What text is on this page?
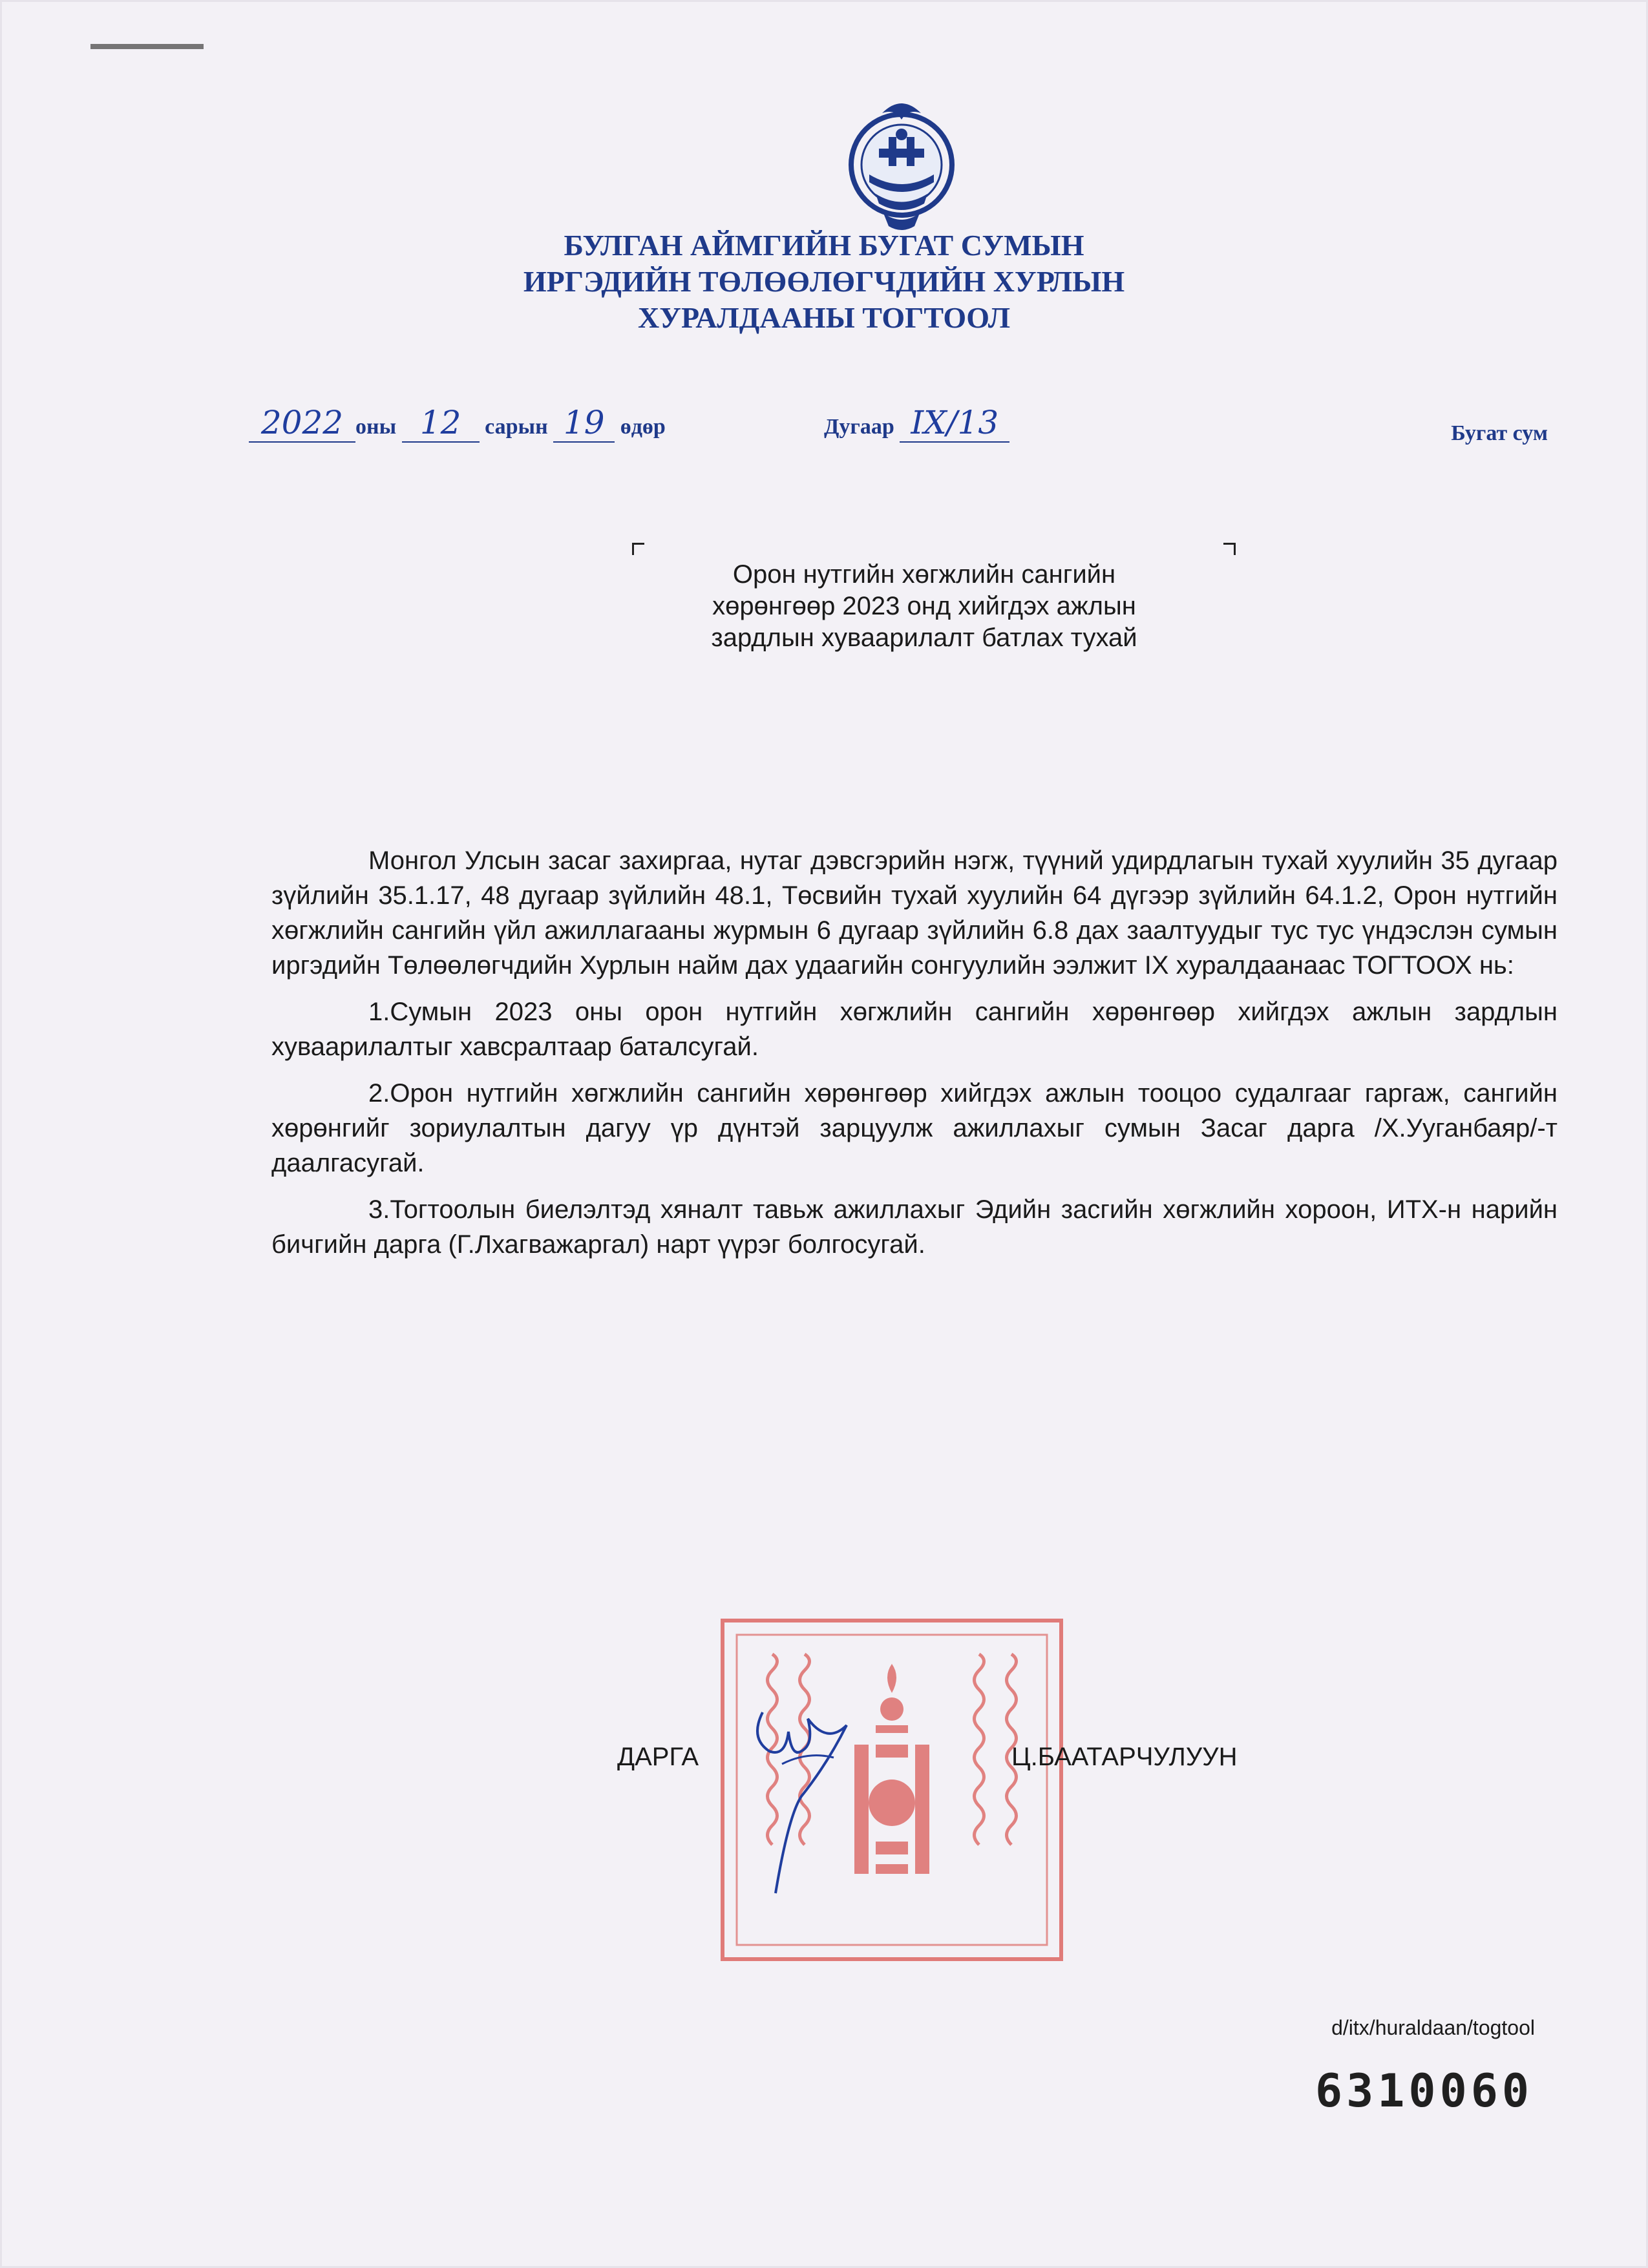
БУЛГАН АЙМГИЙН БУГАТ СУМЫН
ИРГЭДИЙН ТӨЛӨӨЛӨГЧДИЙН ХУРЛЫН
ХУРАЛДААНЫ ТОГТООЛ
2022 оны 12 сарын 19 өдөр	Дугаар IX/13	Бугат сум
Орон нутгийн хөгжлийн сангийн
хөрөнгөөр 2023 онд хийгдэх ажлын
зардлын хуваарилалт батлах тухай

Монгол Улсын засаг захиргаа, нутаг дэвсгэрийн нэгж, түүний удирдлагын тухай хуулийн 35 дугаар зүйлийн 35.1.17, 48 дугаар зүйлийн 48.1, Төсвийн тухай хуулийн 64 дүгээр зүйлийн 64.1.2, Орон нутгийн хөгжлийн сангийн үйл ажиллагааны журмын 6 дугаар зүйлийн 6.8 дах заалтуудыг тус тус үндэслэн сумын иргэдийн Төлөөлөгчдийн Хурлын найм дах удаагийн сонгуулийн ээлжит IX хуралдаанаас ТОГТООХ нь:

1.Сумын 2023 оны орон нутгийн хөгжлийн сангийн хөрөнгөөр хийгдэх ажлын зардлын хуваарилалтыг хавсралтаар баталсугай.

2.Орон нутгийн хөгжлийн сангийн хөрөнгөөр хийгдэх ажлын тооцоо судалгааг гаргаж, сангийн хөрөнгийг зориулалтын дагуу үр дүнтэй зарцуулж ажиллахыг сумын Засаг дарга /Х.Ууганбаяр/-т даалгасугай.

3.Тогтоолын биелэлтэд хяналт тавьж ажиллахыг Эдийн засгийн хөгжлийн хороон, ИТХ-н нарийн бичгийн дарга (Г.Лхагважаргал) нарт үүрэг болгосугай.

ДАРГА	Ц.БААТАРЧУЛУУН
d/itx/huraldaan/togtool
6310060
